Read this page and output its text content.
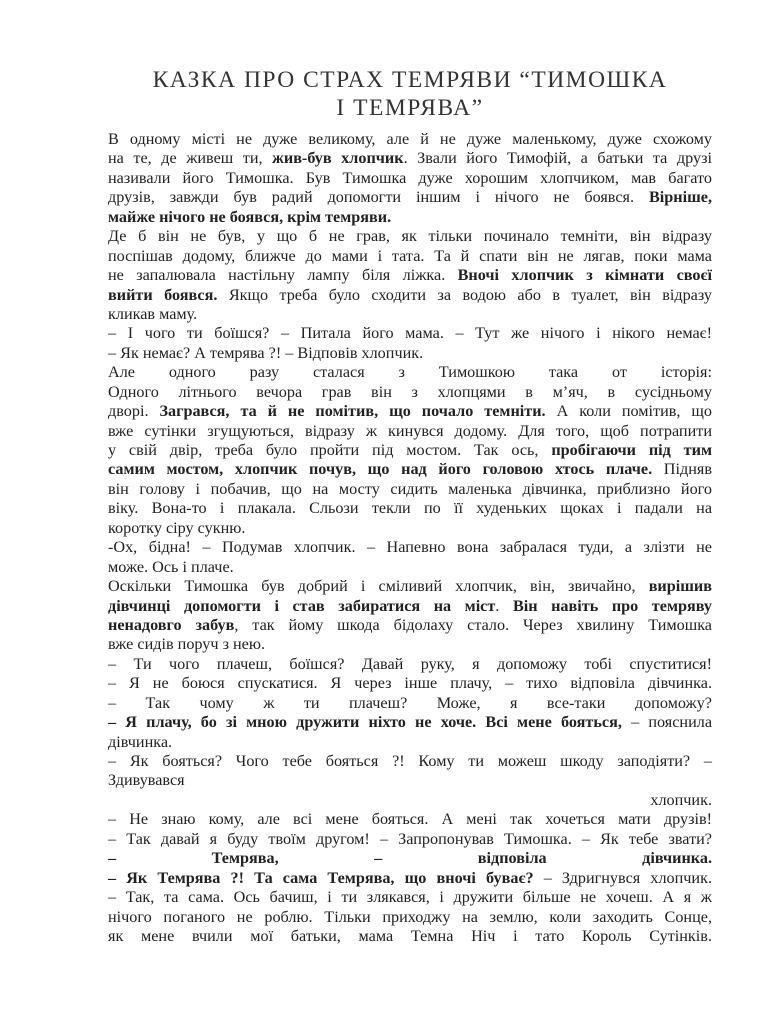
КАЗКА ПРО СТРАХ ТЕМРЯВИ “ТИМОШКА
І ТЕМРЯВА”
В одному місті не дуже великому, але й не дуже маленькому, дуже схожому
на те, де живеш ти, жив-був хлопчик. Звали його Тимофій, а батьки та друзі
називали його Тимошка. Був Тимошка дуже хорошим хлопчиком, мав багато
друзів, завжди був радий допомогти іншим і нічого не боявся. Вірніше,
майже нічого не боявся, крім темряви.
Де б він не був, у що б не грав, як тільки починало темніти, він відразу
поспішав додому, ближче до мами і тата. Та й спати він не лягав, поки мама
не запалювала настільну лампу біля ліжка. Вночі хлопчик з кімнати своєї
вийти боявся. Якщо треба було сходити за водою або в туалет, він відразу
кликав маму.
– І чого ти боїшся? – Питала його мама. – Тут же нічого і нікого немає!
– Як немає? А темрява ?! – Відповів хлопчик.
Але одного разу сталася з Тимошкою така от історія:
Одного літнього вечора грав він з хлопцями в м’яч, в сусідньому
дворі. Загрався, та й не помітив, що почало темніти. А коли помітив, що
вже сутінки згущуються, відразу ж кинувся додому. Для того, щоб потрапити
у свій двір, треба було пройти під мостом. Так ось, пробігаючи під тим
самим мостом, хлопчик почув, що над його головою хтось плаче. Підняв
він голову і побачив, що на мосту сидить маленька дівчинка, приблизно його
віку. Вона-то і плакала. Сльози текли по її худеньких щоках і падали на
коротку сіру сукню.
-Ох, бідна! – Подумав хлопчик. – Напевно вона забралася туди, а злізти не
може. Ось і плаче.
Оскільки Тимошка був добрий і сміливий хлопчик, він, звичайно, вирішив
дівчинці допомогти і став забиратися на міст. Він навіть про темряву
ненадовго забув, так йому шкода бідолаху стало. Через хвилину Тимошка
вже сидів поруч з нею.
– Ти чого плачеш, боїшся? Давай руку, я допоможу тобі спуститися!
– Я не боюся спускатися. Я через інше плачу, – тихо відповіла дівчинка.
– Так чому ж ти плачеш? Може, я все-таки допоможу?
– Я плачу, бо зі мною дружити ніхто не хоче. Всі мене бояться, – пояснила
дівчинка.
– Як бояться? Чого тебе бояться ?! Кому ти можеш шкоду заподіяти? –
Здивувався
хлопчик.
– Не знаю кому, але всі мене бояться. А мені так хочеться мати друзів!
– Так давай я буду твоїм другом! – Запропонував Тимошка. – Як тебе звати?
– Темрява, – відповіла дівчинка.
– Як Темрява ?! Та сама Темрява, що вночі буває? – Здригнувся хлопчик.
– Так, та сама. Ось бачиш, і ти злякався, і дружити більше не хочеш. А я ж
нічого поганого не роблю. Тільки приходжу на землю, коли заходить Сонце,
як мене вчили мої батьки, мама Темна Ніч і тато Король Сутінків.
